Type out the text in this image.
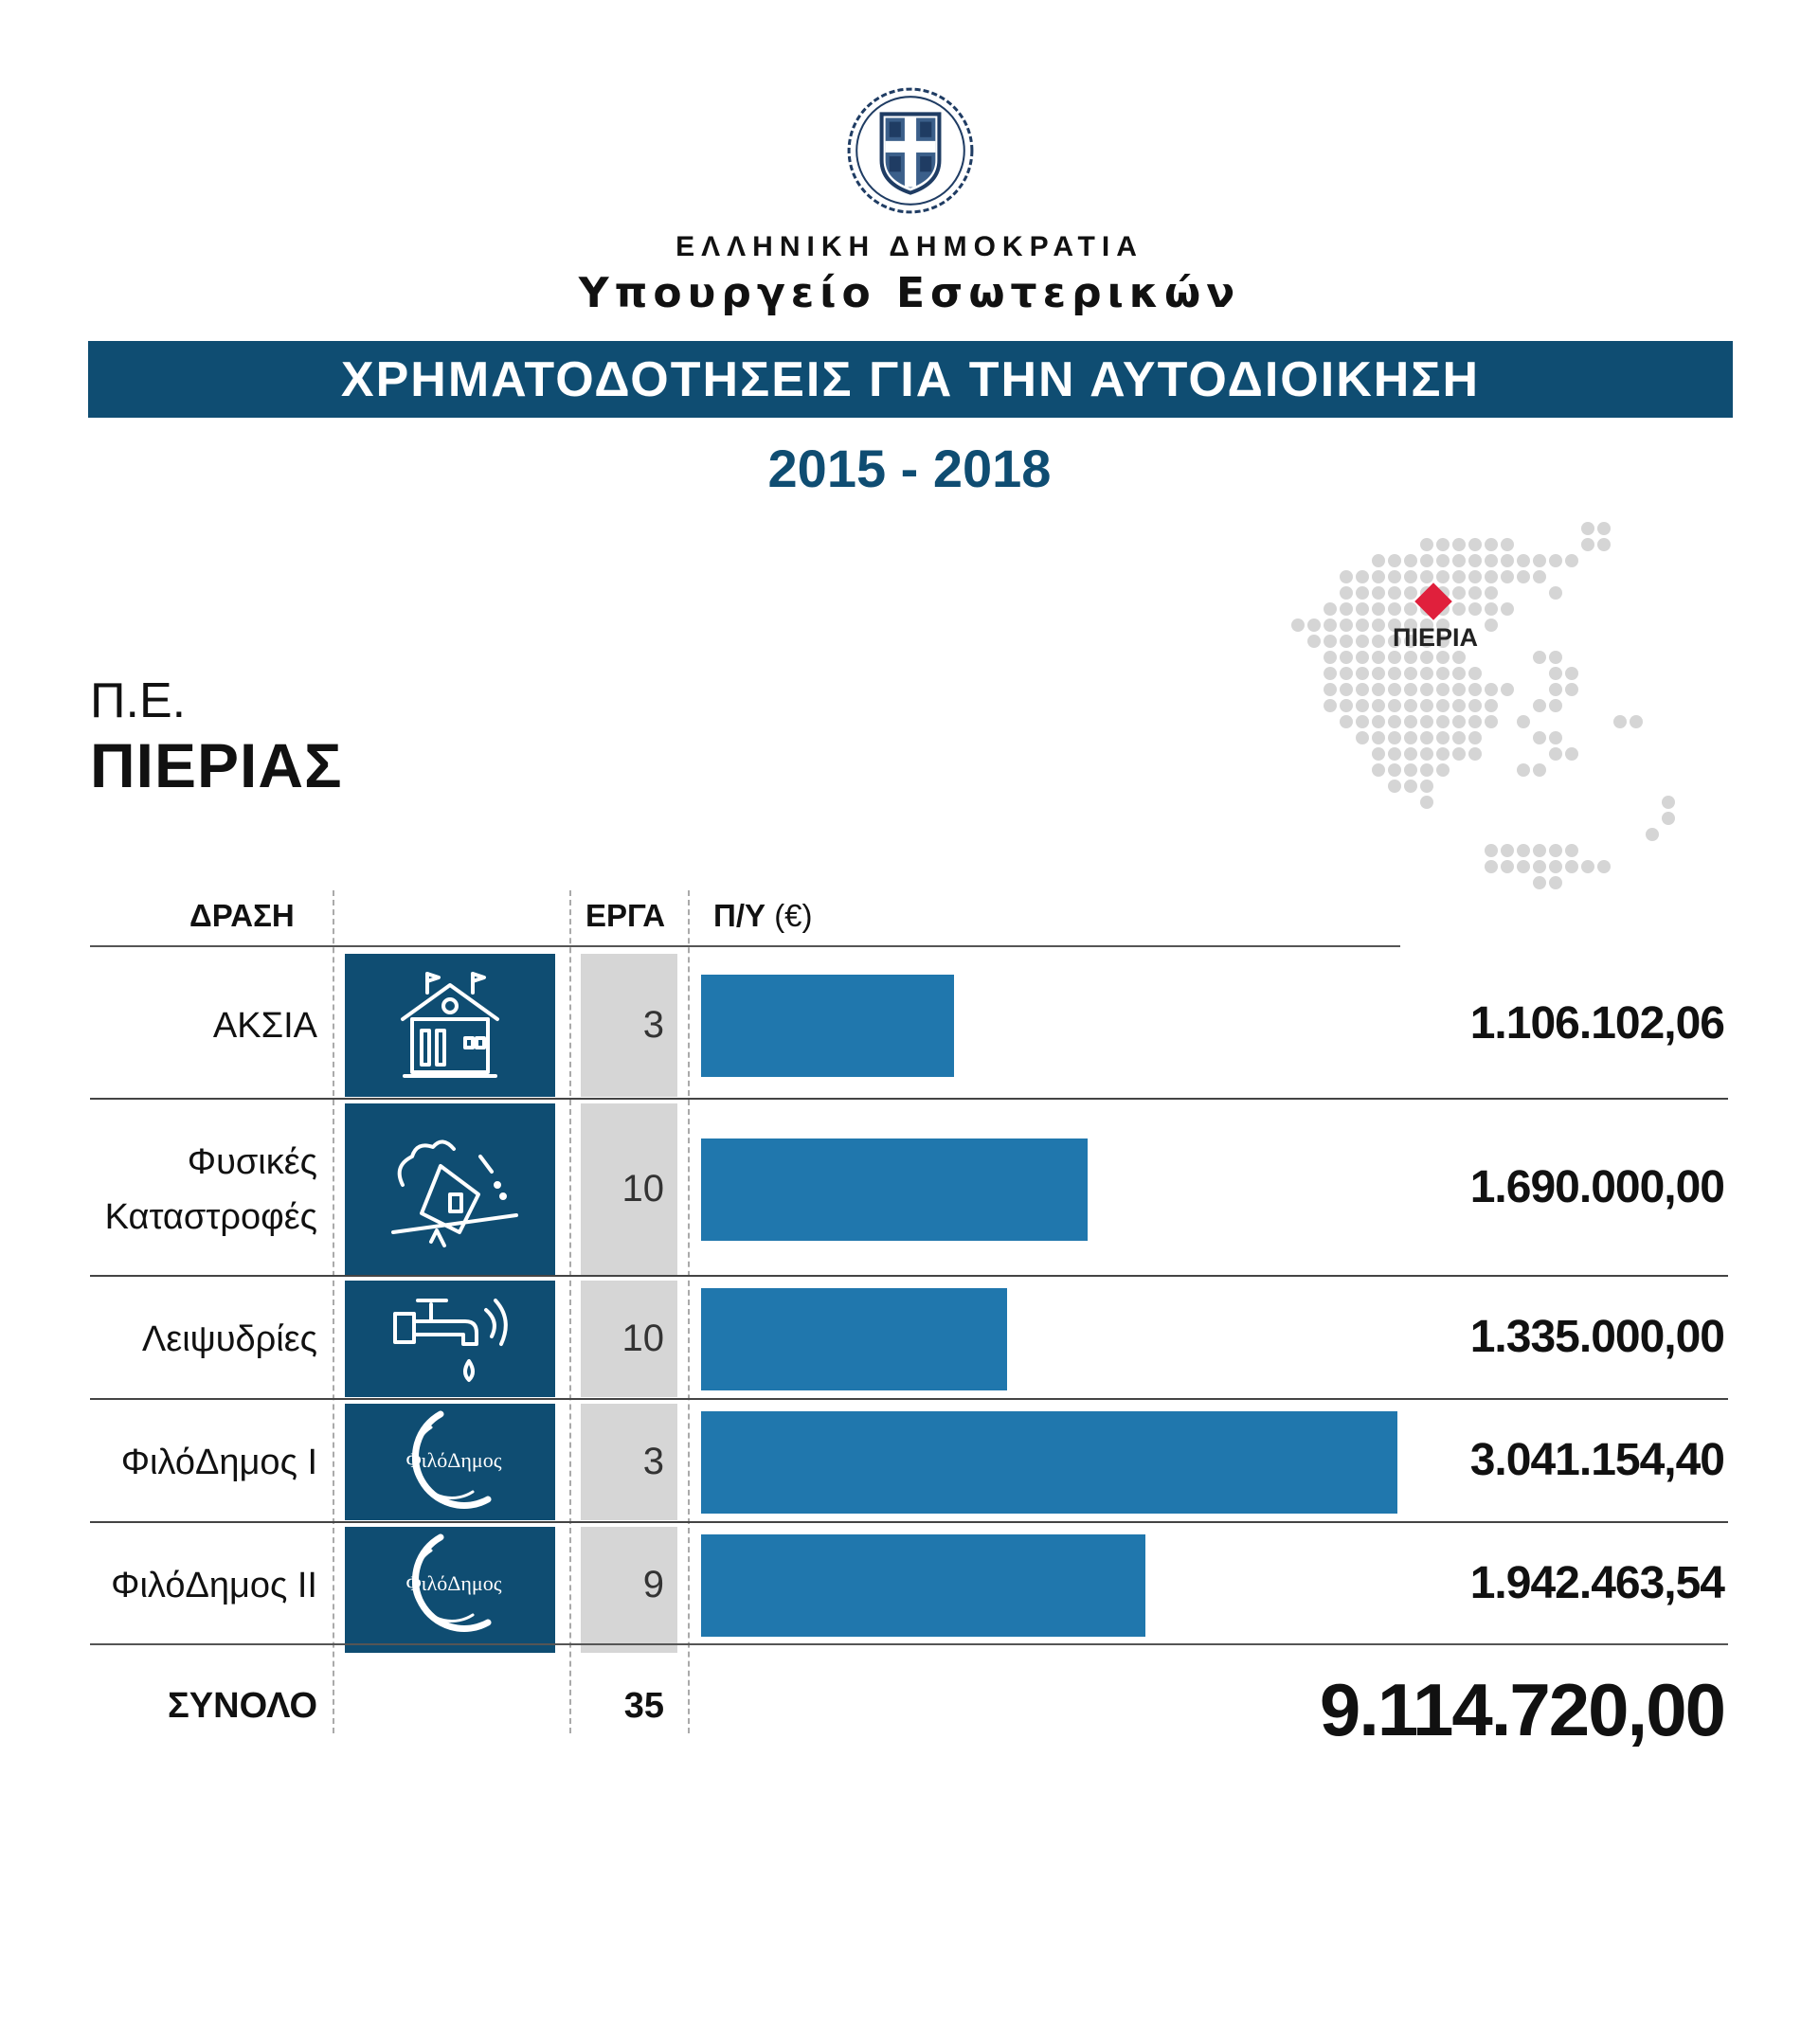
ΕΛΛΗΝΙΚΗ ΔΗΜΟΚΡΑΤΙΑ
Υπουργείο Εσωτερικών
ΧΡΗΜΑΤΟΔΟΤΗΣΕΙΣ ΓΙΑ ΤΗΝ ΑΥΤΟΔΙΟΙΚΗΣΗ
2015 - 2018
Π.Ε.
ΠΙΕΡΙΑΣ
ΠΙΕΡΙΑ
ΔΡΑΣΗ	ΕΡΓΑ Π/Υ (€)
ΑΚΣΙΑ	3	1.106.102,06
Φυσικές
Καταστροφές
10	1.690.000,00
Λειψυδρίες	10	1.335.000,00
ΦιλόΔημος I	ΦιλόΔημος	3	3.041.154,40
ΦιλόΔημος II	ΦιλόΔημος	9	1.942.463,54
ΣΥΝΟΛΟ	35	9.114.720,00
